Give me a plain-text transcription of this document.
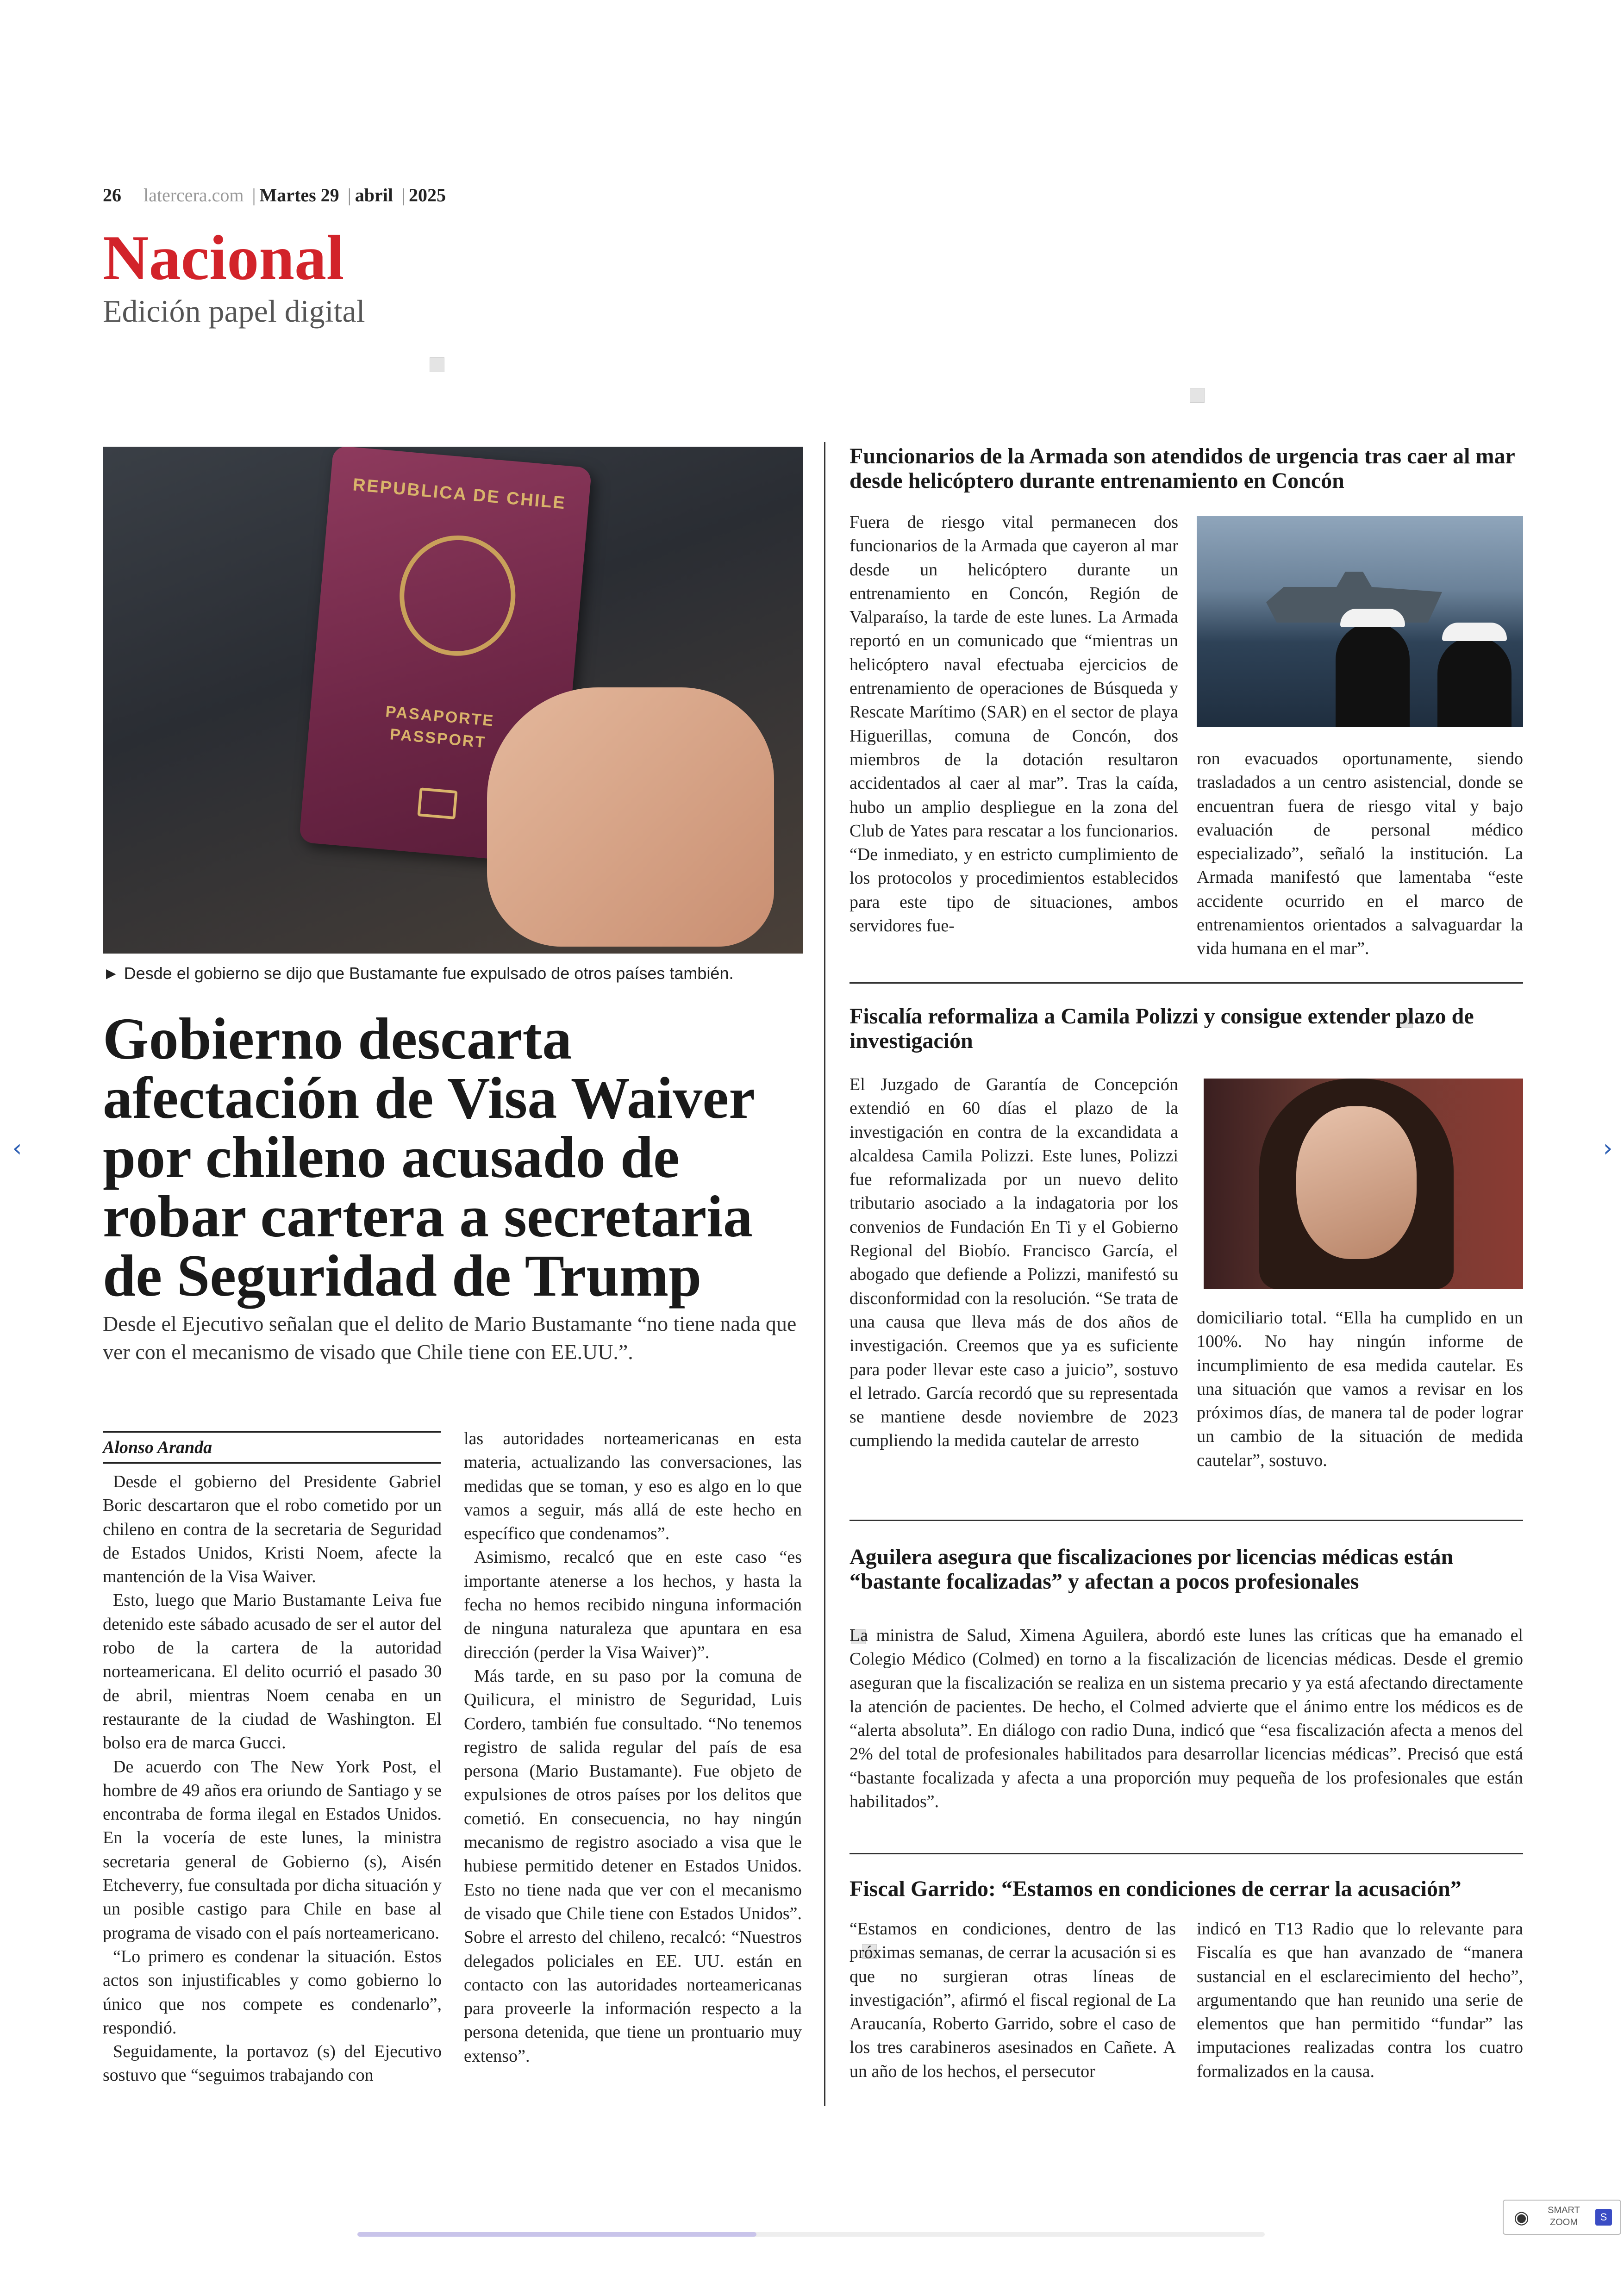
26 latercera.com | Martes 29 | abril | 2025
Nacional
Edición papel digital
REPUBLICA DE CHILE
PASAPORTE
PASSPORT
► Desde el gobierno se dijo que Bustamante fue expulsado de otros países también.
Gobierno descarta afectación de Visa Waiver por chileno acusado de robar cartera a secretaria de Seguridad de Trump
Desde el Ejecutivo señalan que el delito de Mario Bustamante “no tiene nada que ver con el mecanismo de visado que Chile tiene con EE.UU.”.
Alonso Aranda

Desde el gobierno del Presidente Gabriel Boric descartaron que el robo cometido por un chileno en contra de la secretaria de Seguridad de Estados Unidos, Kristi Noem, afecte la mantención de la Visa Waiver.

Esto, luego que Mario Bustamante Leiva fue detenido este sábado acusado de ser el autor del robo de la cartera de la autoridad norteamericana. El delito ocurrió el pasado 30 de abril, mientras Noem cenaba en un restaurante de la ciudad de Washington. El bolso era de marca Gucci.

De acuerdo con The New York Post, el hombre de 49 años era oriundo de Santiago y se encontraba de forma ilegal en Estados Unidos. En la vocería de este lunes, la ministra secretaria general de Gobierno (s), Aisén Etcheverry, fue consultada por dicha situación y un posible castigo para Chile en base al programa de visado con el país norteamericano.

“Lo primero es condenar la situación. Estos actos son injustificables y como gobierno lo único que nos compete es condenarlo”, respondió.

Seguidamente, la portavoz (s) del Ejecutivo sostuvo que “seguimos trabajando con

las autoridades norteamericanas en esta materia, actualizando las conversaciones, las medidas que se toman, y eso es algo en lo que vamos a seguir, más allá de este hecho en específico que condenamos”.

Asimismo, recalcó que en este caso “es importante atenerse a los hechos, y hasta la fecha no hemos recibido ninguna información de ninguna naturaleza que apuntara en esa dirección (perder la Visa Waiver)”.

Más tarde, en su paso por la comuna de Quilicura, el ministro de Seguridad, Luis Cordero, también fue consultado. “No tenemos registro de salida regular del país de esa persona (Mario Bustamante). Fue objeto de expulsiones de otros países por los delitos que cometió. En consecuencia, no hay ningún mecanismo de registro asociado a visa que le hubiese permitido detener en Estados Unidos. Esto no tiene nada que ver con el mecanismo de visado que Chile tiene con Estados Unidos”. Sobre el arresto del chileno, recalcó: “Nuestros delegados policiales en EE. UU. están en contacto con las autoridades norteamericanas para proveerle la información respecto a la persona detenida, que tiene un prontuario muy extenso”.

Funcionarios de la Armada son atendidos de urgencia tras caer al mar desde helicóptero durante entrenamiento en Concón
Fuera de riesgo vital permanecen dos funcionarios de la Armada que cayeron al mar desde un helicóptero durante un entrenamiento en Concón, Región de Valparaíso, la tarde de este lunes. La Armada reportó en un comunicado que “mientras un helicóptero naval efectuaba ejercicios de entrenamiento de operaciones de Búsqueda y Rescate Marítimo (SAR) en el sector de playa Higuerillas, comuna de Concón, dos miembros de la dotación resultaron accidentados al caer al mar”. Tras la caída, hubo un amplio despliegue en la zona del Club de Yates para rescatar a los funcionarios. “De inmediato, y en estricto cumplimiento de los protocolos y procedimientos establecidos para este tipo de situaciones, ambos servidores fue-
ron evacuados oportunamente, siendo trasladados a un centro asistencial, donde se encuentran fuera de riesgo vital y bajo evaluación de personal médico especializado”, señaló la institución. La Armada manifestó que lamentaba “este accidente ocurrido en el marco de entrenamientos orientados a salvaguardar la vida humana en el mar”.
Fiscalía reformaliza a Camila Polizzi y consigue extender plazo de investigación
El Juzgado de Garantía de Concepción extendió en 60 días el plazo de la investigación en contra de la excandidata a alcaldesa Camila Polizzi. Este lunes, Polizzi fue reformalizada por un nuevo delito tributario asociado a la indagatoria por los convenios de Fundación En Ti y el Gobierno Regional del Biobío. Francisco García, el abogado que defiende a Polizzi, manifestó su disconformidad con la resolución. “Se trata de una causa que lleva más de dos años de investigación. Creemos que ya es suficiente para poder llevar este caso a juicio”, sostuvo el letrado. García recordó que su representada se mantiene desde noviembre de 2023 cumpliendo la medida cautelar de arresto
domiciliario total. “Ella ha cumplido en un 100%. No hay ningún informe de incumplimiento de esa medida cautelar. Es una situación que vamos a revisar en los próximos días, de manera tal de poder lograr un cambio de la situación de medida cautelar”, sostuvo.
Aguilera asegura que fiscalizaciones por licencias médicas están “bastante focalizadas” y afectan a pocos profesionales
La ministra de Salud, Ximena Aguilera, abordó este lunes las críticas que ha emanado el Colegio Médico (Colmed) en torno a la fiscalización de licencias médicas. Desde el gremio aseguran que la fiscalización se realiza en un sistema precario y ya está afectando directamente la atención de pacientes. De hecho, el Colmed advierte que el ánimo entre los médicos es de “alerta absoluta”. En diálogo con radio Duna, indicó que “esa fiscalización afecta a menos del 2% del total de profesionales habilitados para desarrollar licencias médicas”. Precisó que está “bastante focalizada y afecta a una proporción muy pequeña de los profesionales que están habilitados”.
Fiscal Garrido: “Estamos en condiciones de cerrar la acusación”
“Estamos en condiciones, dentro de las próximas semanas, de cerrar la acusación si es que no surgieran otras líneas de investigación”, afirmó el fiscal regional de La Araucanía, Roberto Garrido, sobre el caso de los tres carabineros asesinados en Cañete. A un año de los hechos, el persecutor
indicó en T13 Radio que lo relevante para Fiscalía es que han avanzado de “manera sustancial en el esclarecimiento del hecho”, argumentando que han reunido una serie de elementos que han permitido “fundar” las imputaciones realizadas contra los cuatro formalizados en la causa.
‹	›
◉	SMART
ZOOM	S
